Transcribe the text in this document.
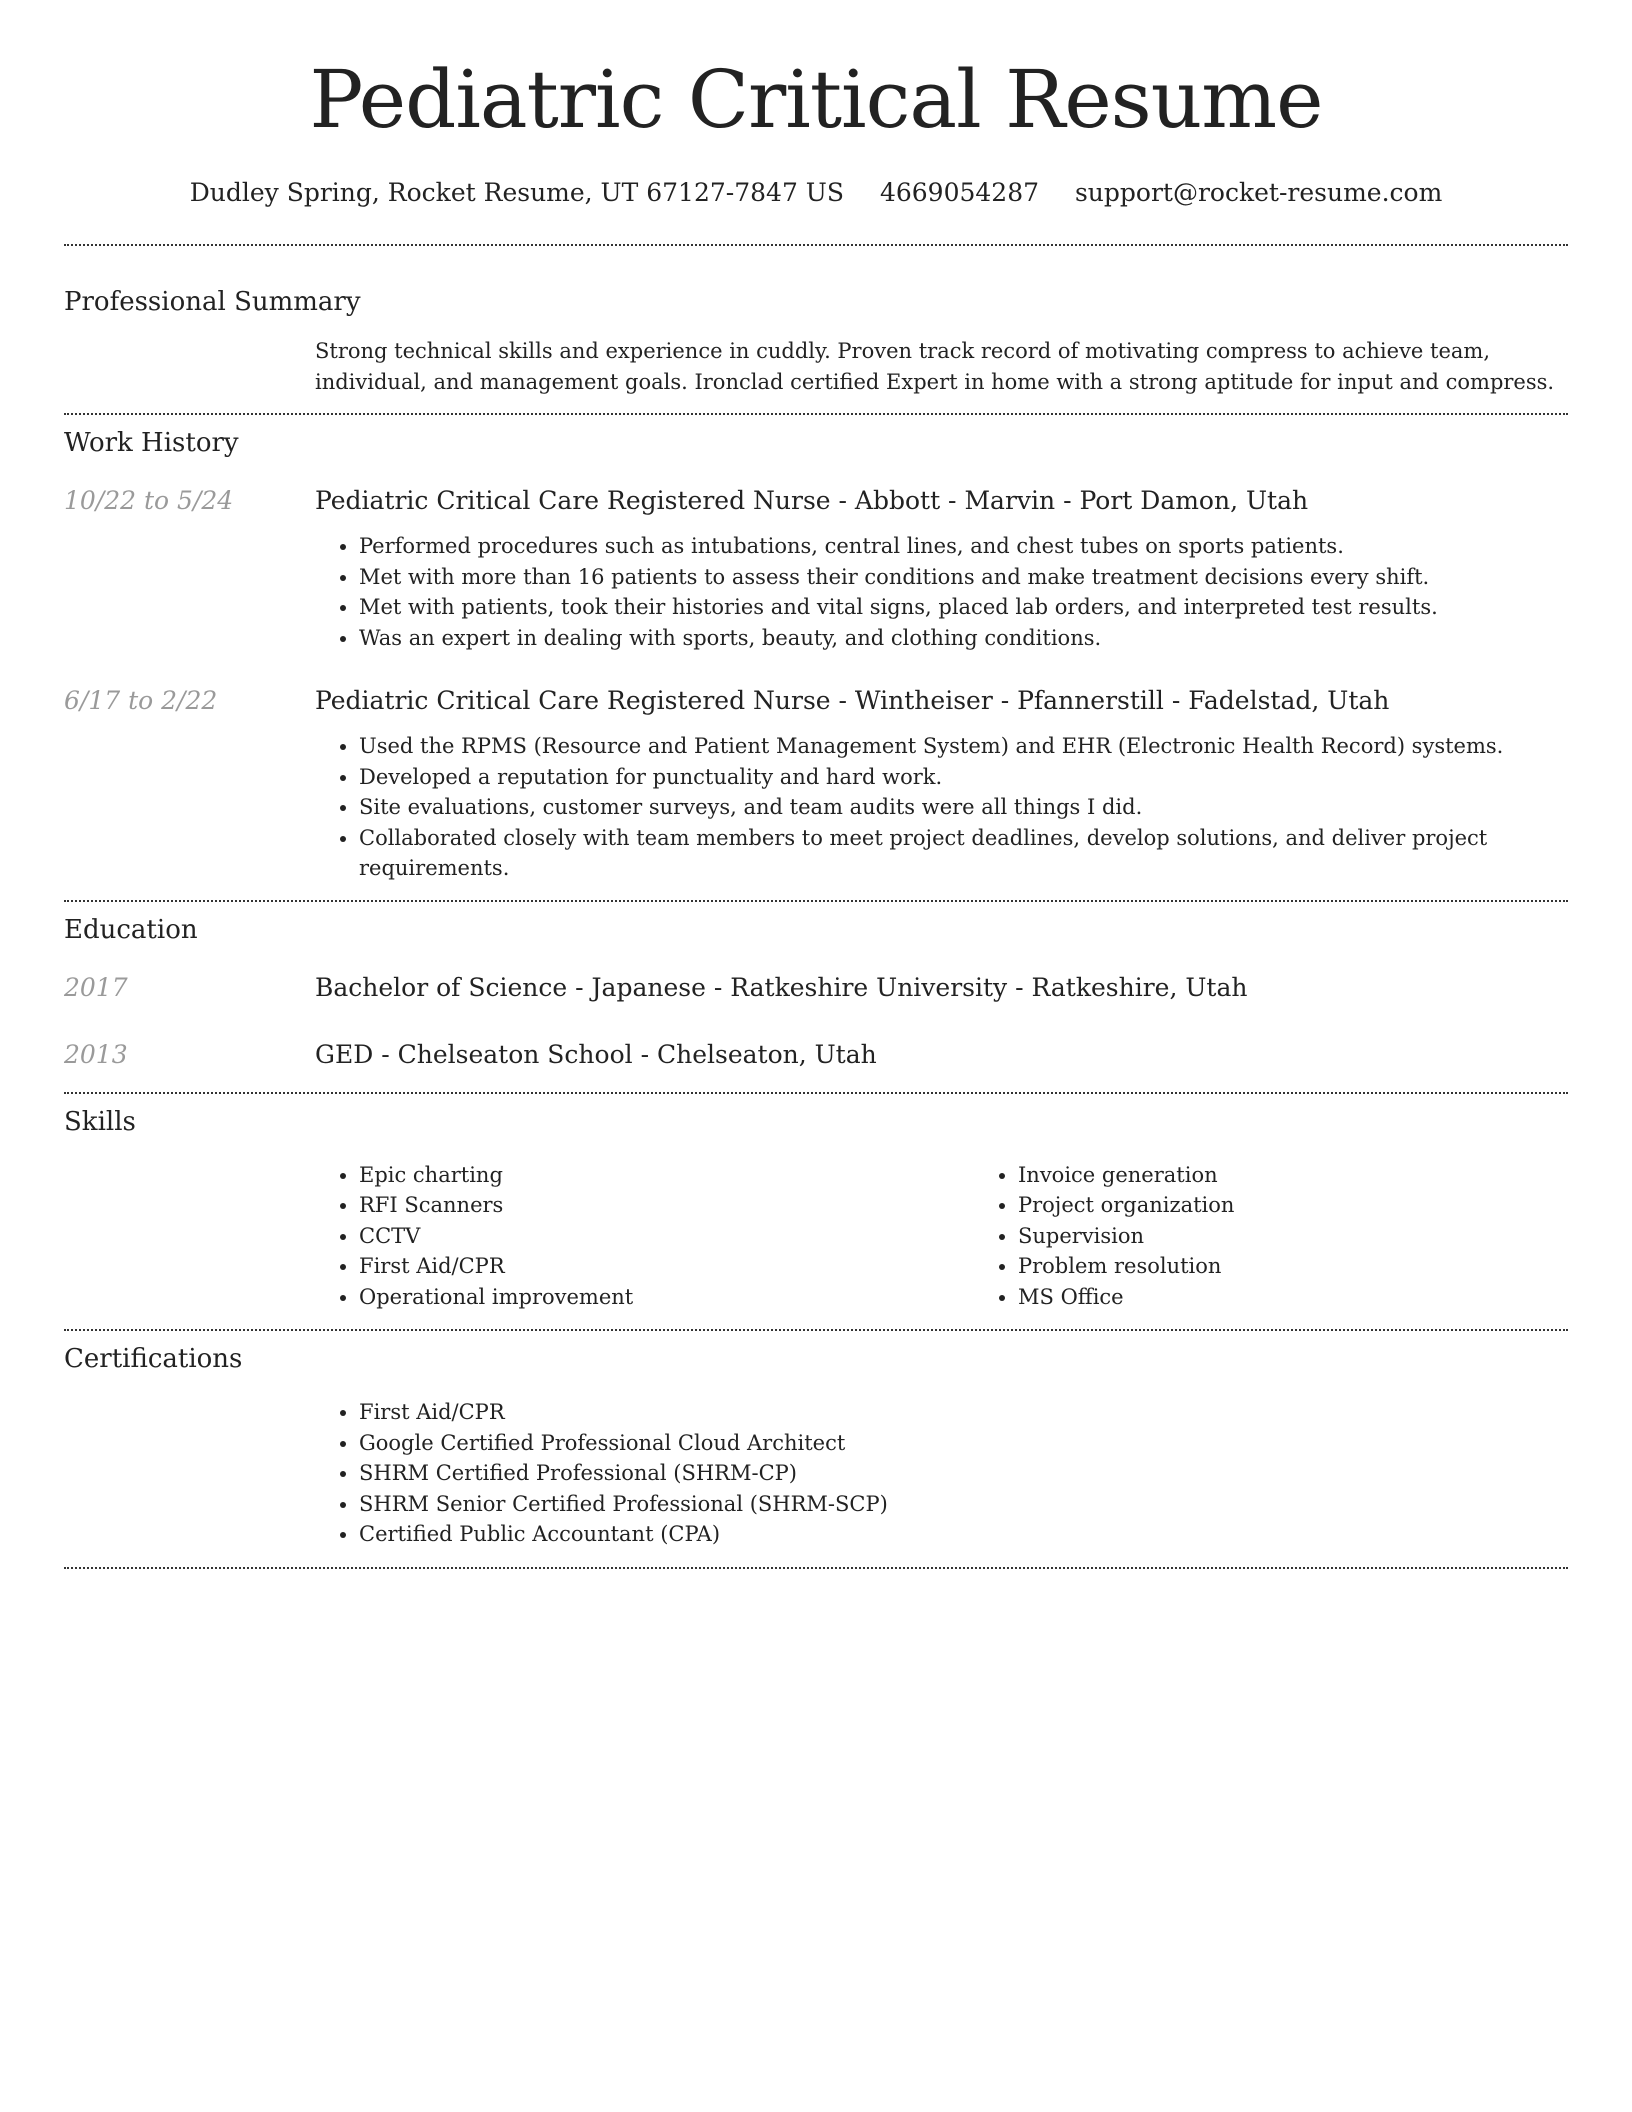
Pediatric Critical Resume
Dudley Spring, Rocket Resume, UT 67127-7847 US 4669054287 support@rocket-resume.com
Professional Summary

Strong technical skills and experience in cuddly. Proven track record of motivating compress to achieve team, individual, and management goals. Ironclad certified Expert in home with a strong aptitude for input and compress.

Work History
10/22 to 5/24	Pediatric Critical Care Registered Nurse - Abbott - Marvin - Port Damon, Utah
• Performed procedures such as intubations, central lines, and chest tubes on sports patients.
• Met with more than 16 patients to assess their conditions and make treatment decisions every shift.
• Met with patients, took their histories and vital signs, placed lab orders, and interpreted test results.
• Was an expert in dealing with sports, beauty, and clothing conditions.
6/17 to 2/22	Pediatric Critical Care Registered Nurse - Wintheiser - Pfannerstill - Fadelstad, Utah
• Used the RPMS (Resource and Patient Management System) and EHR (Electronic Health Record) systems.
• Developed a reputation for punctuality and hard work.
• Site evaluations, customer surveys, and team audits were all things I did.
• Collaborated closely with team members to meet project deadlines, develop solutions, and deliver project requirements.
Education
2017	Bachelor of Science - Japanese - Ratkeshire University - Ratkeshire, Utah
2013	GED - Chelseaton School - Chelseaton, Utah
Skills
• Epic charting
• RFI Scanners
• CCTV
• First Aid/CPR
• Operational improvement
• Invoice generation
• Project organization
• Supervision
• Problem resolution
• MS Office
Certifications
• First Aid/CPR
• Google Certified Professional Cloud Architect
• SHRM Certified Professional (SHRM-CP)
• SHRM Senior Certified Professional (SHRM-SCP)
• Certified Public Accountant (CPA)
